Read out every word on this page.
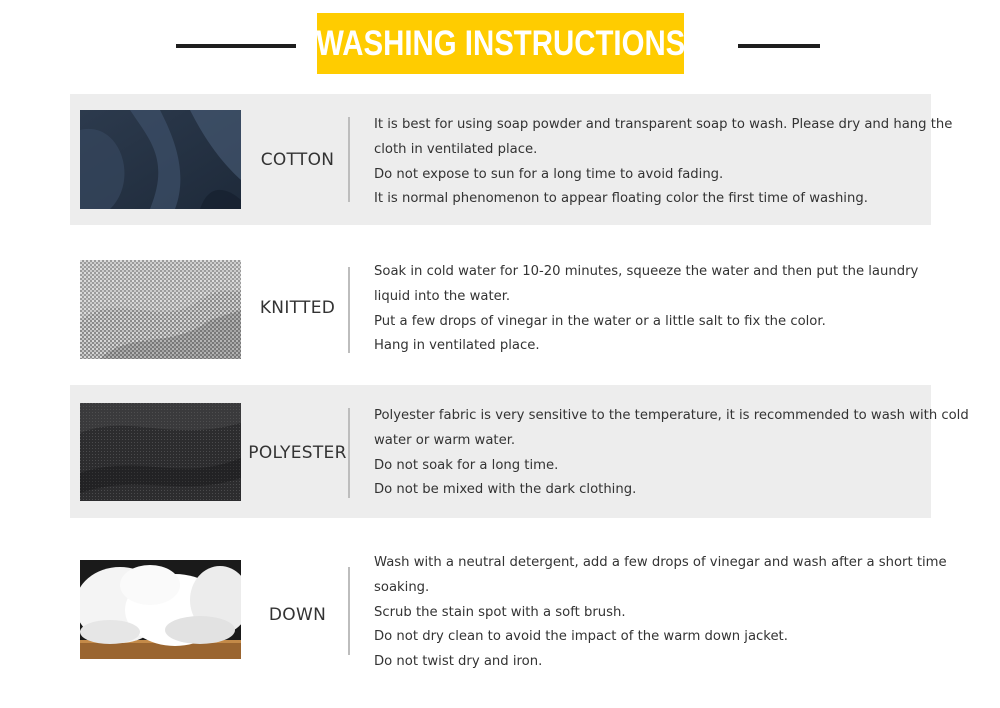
WASHING INSTRUCTIONS
COTTON

It is best for using soap powder and transparent soap to wash. Please dry and hang the

cloth in ventilated place.

Do not expose to sun for a long time to avoid fading.

It is normal phenomenon to appear floating color the first time of washing.

KNITTED

Soak in cold water for 10-20 minutes, squeeze the water and then put the laundry

liquid into the water.

Put a few drops of vinegar in the water or a little salt to fix the color.

Hang in ventilated place.

POLYESTER

Polyester fabric is very sensitive to the temperature, it is recommended to wash with cold

water or warm water.

Do not soak for a long time.

Do not be mixed with the dark clothing.

DOWN

Wash with a neutral detergent, add a few drops of vinegar and wash after a short time

soaking.

Scrub the stain spot with a soft brush.

Do not dry clean to avoid the impact of the warm down jacket.

Do not twist dry and iron.
